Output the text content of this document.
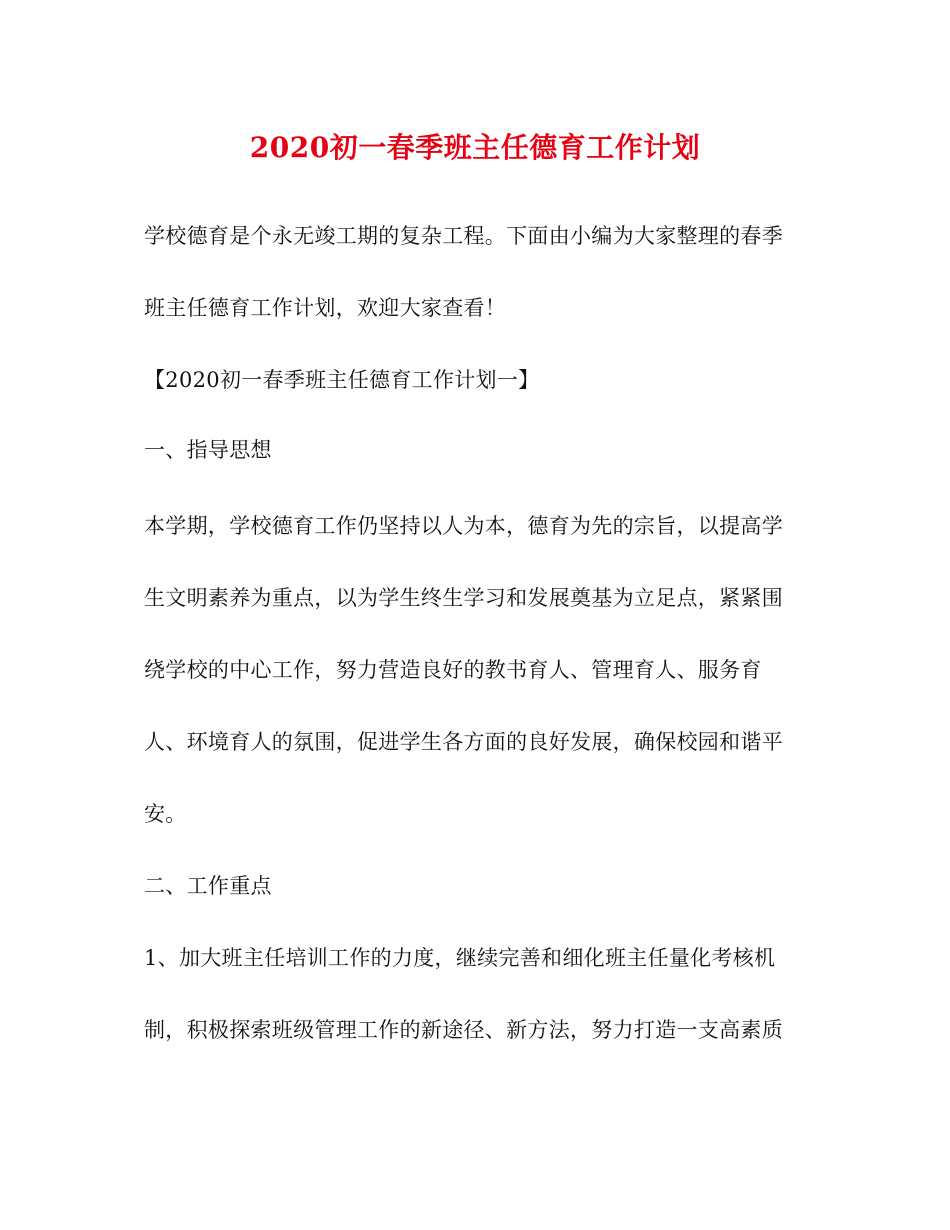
2020初一春季班主任德育工作计划
学校德育是个永无竣工期的复杂工程。下面由小编为大家整理的春季
班主任德育工作计划，欢迎大家查看！
【2020初一春季班主任德育工作计划一】
一、指导思想
本学期，学校德育工作仍坚持以人为本，德育为先的宗旨，以提高学
生文明素养为重点，以为学生终生学习和发展奠基为立足点，紧紧围
绕学校的中心工作，努力营造良好的教书育人、管理育人、服务育
人、环境育人的氛围，促进学生各方面的良好发展，确保校园和谐平
安。
二、工作重点
1、加大班主任培训工作的力度，继续完善和细化班主任量化考核机
制，积极探索班级管理工作的新途径、新方法，努力打造一支高素质
